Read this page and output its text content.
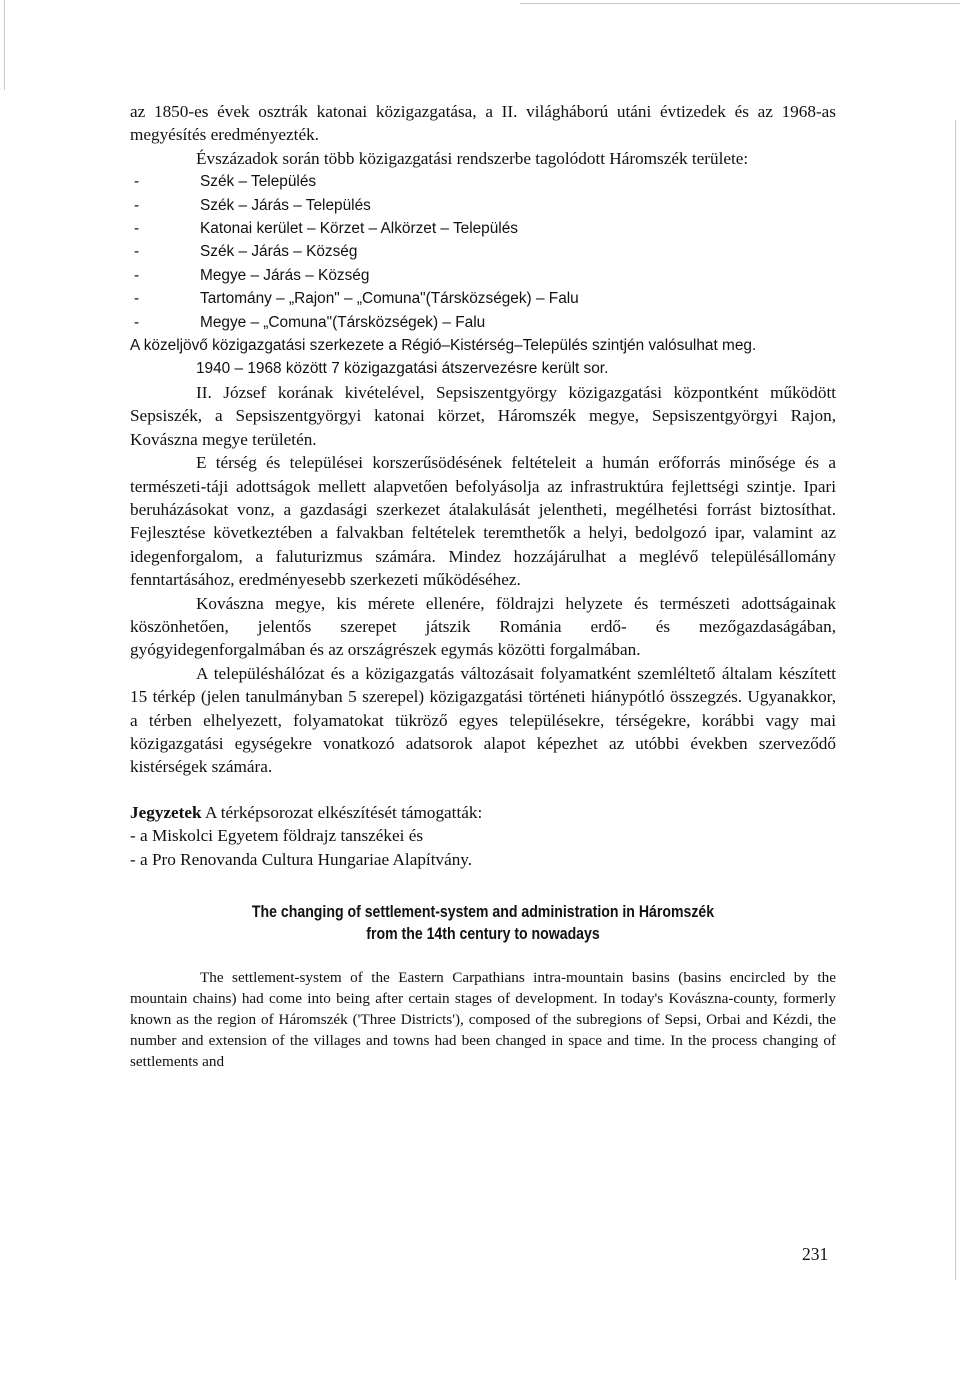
az 1850-es évek osztrák katonai közigazgatása, a II. világháború utáni évtizedek és az 1968-as megyésítés eredményezték.

Évszázadok során több közigazgatási rendszerbe tagolódott Háromszék területe:

- Szék – Település
- Szék – Járás – Település
- Katonai kerület – Körzet – Alkörzet – Település
- Szék – Járás – Község
- Megye – Járás – Község
- Tartomány – „Rajon" – „Comuna"(Társközségek) – Falu
- Megye – „Comuna"(Társközségek) – Falu

A közeljövő közigazgatási szerkezete a Régió–Kistérség–Település szintjén valósulhat meg.

1940 – 1968 között 7 közigazgatási átszervezésre került sor.

II. József korának kivételével, Sepsiszentgyörgy közigazgatási központként működött Sepsiszék, a Sepsiszentgyörgyi katonai körzet, Háromszék megye, Sepsiszentgyörgyi Rajon, Kovászna megye területén.

E térség és települései korszerűsödésének feltételeit a humán erőforrás minősége és a természeti-táji adottságok mellett alapvetően befolyásolja az infrastruktúra fejlettségi szintje. Ipari beruházásokat vonz, a gazdasági szerkezet átalakulását jelentheti, megélhetési forrást biztosíthat. Fejlesztése következtében a falvakban feltételek teremthetők a helyi, bedolgozó ipar, valamint az idegenforgalom, a faluturizmus számára. Mindez hozzájárulhat a meglévő településállomány fenntartásához, eredményesebb szerkezeti működéséhez.

Kovászna megye, kis mérete ellenére, földrajzi helyzete és természeti adottságainak köszönhetően, jelentős szerepet játszik Románia erdő- és mezőgazdaságában, gyógyidegenforgalmában és az országrészek egymás közötti forgalmában.

A településhálózat és a közigazgatás változásait folyamatként szemléltető általam készített 15 térkép (jelen tanulmányban 5 szerepel) közigazgatási történeti hiánypótló összegzés. Ugyanakkor, a térben elhelyezett, folyamatokat tükröző egyes településekre, térségekre, korábbi vagy mai közigazgatási egységekre vonatkozó adatsorok alapot képezhet az utóbbi években szerveződő kistérségek számára.

Jegyzetek A térképsorozat elkészítését támogatták:

- a Miskolci Egyetem földrajz tanszékei és

- a Pro Renovanda Cultura Hungariae Alapítvány.

The changing of settlement-system and administration in Háromszék
from the 14th century to nowadays

The settlement-system of the Eastern Carpathians intra-mountain basins (basins encircled by the mountain chains) had come into being after certain stages of development. In today's Kovászna-county, formerly known as the region of Háromszék ('Three Districts'), composed of the subregions of Sepsi, Orbai and Kézdi, the number and extension of the villages and towns had been changed in space and time. In the process changing of settlements and

231
